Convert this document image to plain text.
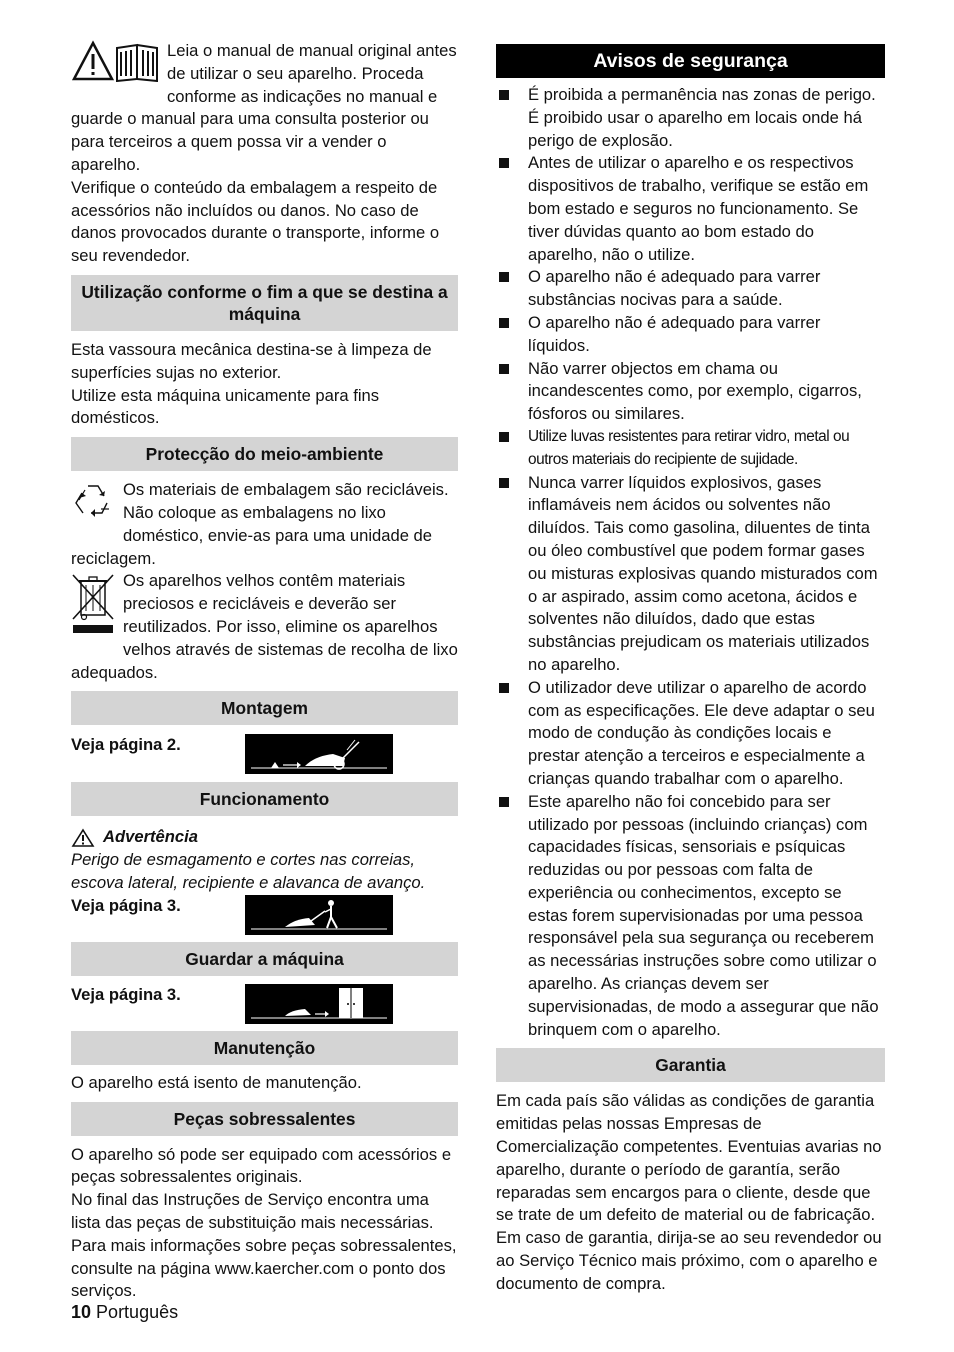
Leia o manual de manual original antes de utilizar o seu aparelho. Proceda conforme as indicações no manual e guarde o manual para uma consulta posterior ou para terceiros a quem possa vir a vender o aparelho.

Verifique o conteúdo da embalagem a respeito de acessórios não incluídos ou danos. No caso de danos provocados durante o transporte, informe o seu revendedor.

Utilização conforme o fim a que se destina a máquina

Esta vassoura mecânica destina-se à limpeza de superfícies sujas no exterior.

Utilize esta máquina unicamente para fins domésticos.

Protecção do meio-ambiente

Os materiais de embalagem são recicláveis. Não coloque as embalagens no lixo doméstico, envie-as para uma unidade de reciclagem.

Os aparelhos velhos contêm materiais preciosos e recicláveis e deverão ser reutilizados. Por isso, elimine os aparelhos velhos através de sistemas de recolha de lixo adequados.

Montagem

Veja página 2.

Funcionamento
Advertência

Perigo de esmagamento e cortes nas correias, escova lateral, recipiente e alavanca de avanço.

Veja página 3.

Guardar a máquina

Veja página 3.

Manutenção

O aparelho está isento de manutenção.

Peças sobressalentes

O aparelho só pode ser equipado com acessórios e peças sobressalentes originais.

No final das Instruções de Serviço encontra uma lista das peças de substituição mais necessárias.

Para mais informações sobre peças sobressalentes, consulte na página www.kaercher.com o ponto dos serviços.

Avisos de segurança
É proibida a permanência nas zonas de perigo. É proibido usar o aparelho em locais onde há perigo de explosão.
Antes de utilizar o aparelho e os respectivos dispositivos de trabalho, verifique se estão em bom estado e seguros no funcionamento. Se tiver dúvidas quanto ao bom estado do aparelho, não o utilize.
O aparelho não é adequado para varrer substâncias nocivas para a saúde.
O aparelho não é adequado para varrer líquidos.
Não varrer objectos em chama ou incandescentes como, por exemplo, cigarros, fósforos ou similares.
Utilize luvas resistentes para retirar vidro, metal ou outros materiais do recipiente de sujidade.
Nunca varrer líquidos explosivos, gases inflamáveis nem ácidos ou solventes não diluídos. Tais como gasolina, diluentes de tinta ou óleo combustível que podem formar gases ou misturas explosivas quando misturados com o ar aspirado, assim como acetona, ácidos e solventes não diluídos, dado que estas substâncias prejudicam os materiais utilizados no aparelho.
O utilizador deve utilizar o aparelho de acordo com as especificações. Ele deve adaptar o seu modo de condução às condições locais e prestar atenção a terceiros e especialmente a crianças quando trabalhar com o aparelho.
Este aparelho não foi concebido para ser utilizado por pessoas (incluindo crianças) com capacidades físicas, sensoriais e psíquicas reduzidas ou por pessoas com falta de experiência ou conhecimentos, excepto se estas forem supervisionadas por uma pessoa responsável pela sua segurança ou receberem as necessárias instruções sobre como utilizar o aparelho. As crianças devem ser supervisionadas, de modo a assegurar que não brinquem com o aparelho.
Garantia

Em cada país são válidas as condições de garantia emitidas pelas nossas Empresas de Comercialização competentes. Eventuias avarias no aparelho, durante o período de garantía, serão reparadas sem encargos para o cliente, desde que se trate de um defeito de material ou de fabricação. Em caso de garantia, dirija-se ao seu revendedor ou ao Serviço Técnico mais próximo, com o aparelho e documento de compra.

10 Português
